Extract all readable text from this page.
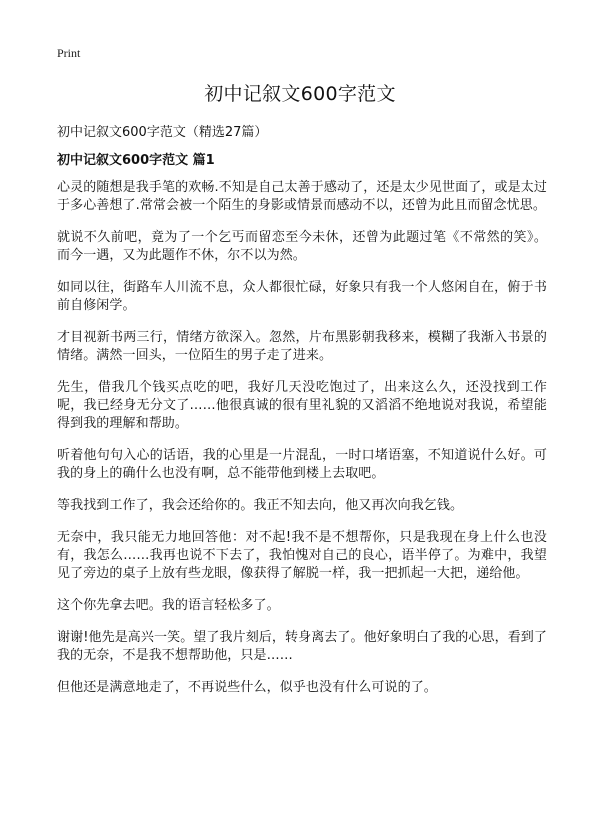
Print
初中记叙文600字范文

初中记叙文600字范文（精选27篇）

初中记叙文600字范文 篇1

心灵的随想是我手笔的欢畅.不知是自己太善于感动了，还是太少见世面了，或是太过于多心善想了.常常会被一个陌生的身影或情景而感动不以，还曾为此且而留念忧思。

就说不久前吧，竟为了一个乞丐而留恋至今未休，还曾为此题过笔《不常然的笑》。而今一遇，又为此题作不休，尔不以为然。

如同以往，街路车人川流不息，众人都很忙碌，好象只有我一个人悠闲自在，俯于书前自修闲学。

才目视新书两三行，情绪方欲深入。忽然，片布黑影朝我移来，模糊了我渐入书景的情绪。满然一回头，一位陌生的男子走了进来。

先生，借我几个钱买点吃的吧，我好几天没吃饱过了，出来这么久，还没找到工作呢，我已经身无分文了……他很真诚的很有里礼貌的又滔滔不绝地说对我说，希望能得到我的理解和帮助。

听着他句句入心的话语，我的心里是一片混乱，一时口堵语塞，不知道说什么好。可我的身上的确什么也没有啊，总不能带他到楼上去取吧。

等我找到工作了，我会还给你的。我正不知去向，他又再次向我乞钱。

无奈中，我只能无力地回答他：对不起!我不是不想帮你，只是我现在身上什么也没有，我怎么……我再也说不下去了，我怕愧对自己的良心，语半停了。为难中，我望见了旁边的桌子上放有些龙眼，像获得了解脱一样，我一把抓起一大把，递给他。

这个你先拿去吧。我的语言轻松多了。

谢谢!他先是高兴一笑。望了我片刻后，转身离去了。他好象明白了我的心思，看到了我的无奈，不是我不想帮助他，只是……

但他还是满意地走了，不再说些什么，似乎也没有什么可说的了。
